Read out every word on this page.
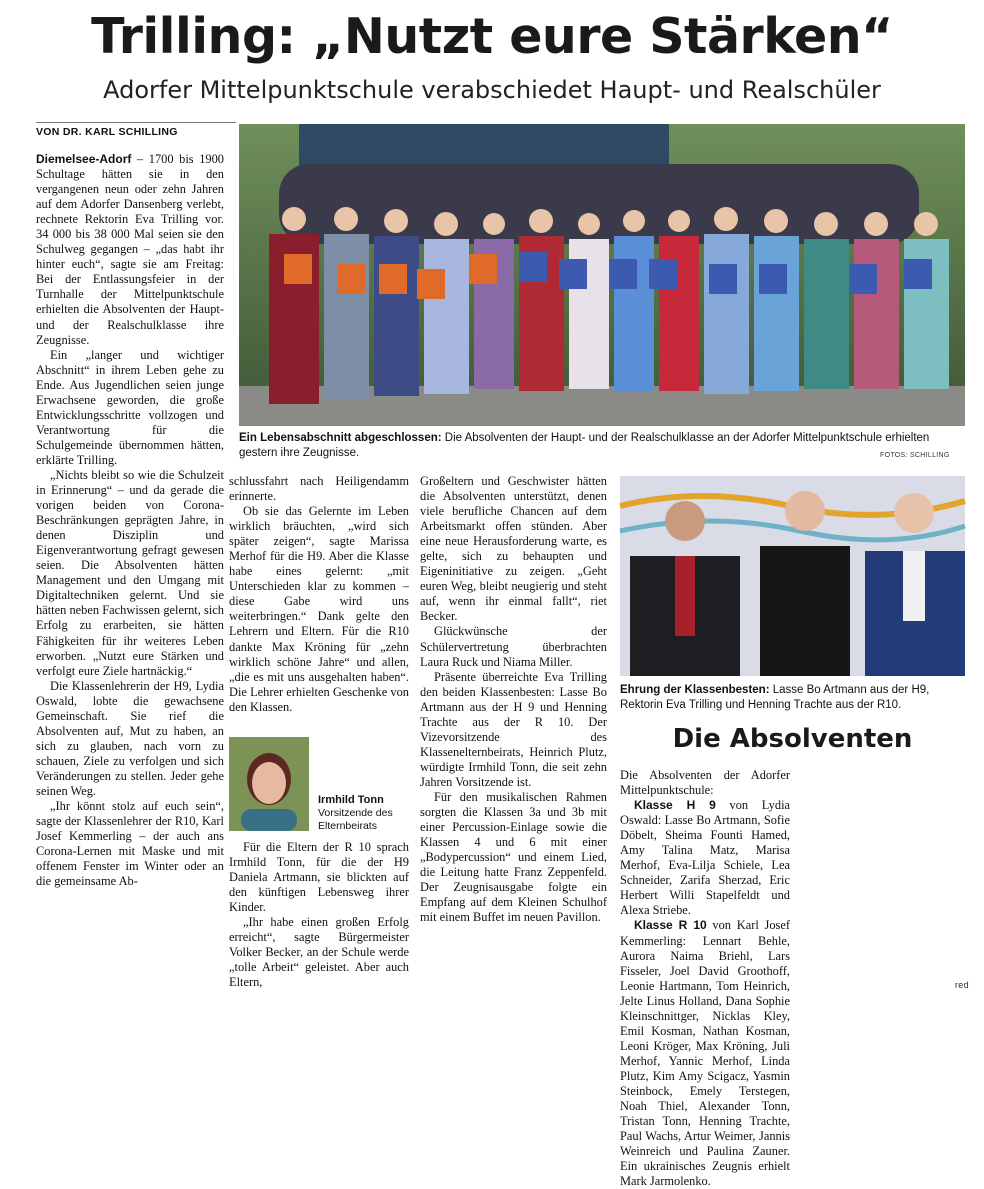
Trilling: „Nutzt eure Stärken“
Adorfer Mittelpunktschule verabschiedet Haupt- und Realschüler
VON DR. KARL SCHILLING

Diemelsee-Adorf – 1700 bis 1900 Schultage hätten sie in den vergangenen neun oder zehn Jahren auf dem Adorfer Dansenberg verlebt, rechnete Rektorin Eva Trilling vor. 34 000 bis 38 000 Mal seien sie den Schulweg gegangen – „das habt ihr hinter euch“, sagte sie am Freitag: Bei der Entlassungsfeier in der Turnhalle der Mittelpunktschule erhielten die Absolventen der Haupt- und der Realschulklasse ihre Zeugnisse.

Ein „langer und wichtiger Abschnitt“ in ihrem Leben gehe zu Ende. Aus Jugendlichen seien junge Erwachsene geworden, die große Entwicklungsschritte vollzogen und Verantwortung für die Schulgemeinde übernommen hätten, erklärte Trilling.

„Nichts bleibt so wie die Schulzeit in Erinnerung“ – und da gerade die vorigen beiden von Corona-Beschränkungen geprägten Jahre, in denen Disziplin und Eigenverantwortung gefragt gewesen seien. Die Absolventen hätten Management und den Umgang mit Digitaltechniken gelernt. Und sie hätten neben Fachwissen gelernt, sich Erfolg zu erarbeiten, sie hätten Fähigkeiten für ihr weiteres Leben erworben. „Nutzt eure Stärken und verfolgt eure Ziele hartnäckig.“

Die Klassenlehrerin der H9, Lydia Oswald, lobte die gewachsene Gemeinschaft. Sie rief die Absolventen auf, Mut zu haben, an sich zu glauben, nach vorn zu schauen, Ziele zu verfolgen und sich Veränderungen zu stellen. Jeder gehe seinen Weg.

„Ihr könnt stolz auf euch sein“, sagte der Klassenlehrer der R10, Karl Josef Kemmerling – der auch ans Corona-Lernen mit Maske und mit offenem Fenster im Winter oder an die gemeinsame Ab-

Ein Lebensabschnitt abgeschlossen: Die Absolventen der Haupt- und der Realschulklasse an der Adorfer Mittelpunktschule erhielten gestern ihre Zeugnisse.	FOTOS: SCHILLING

schlussfahrt nach Heiligendamm erinnerte.

Ob sie das Gelernte im Leben wirklich bräuchten, „wird sich später zeigen“, sagte Marissa Merhof für die H9. Aber die Klasse habe eines gelernt: „mit Unterschieden klar zu kommen – diese Gabe wird uns weiterbringen.“ Dank gelte den Lehrern und Eltern. Für die R10 dankte Max Kröning für „zehn wirklich schöne Jahre“ und allen, „die es mit uns ausgehalten haben“. Die Lehrer erhielten Geschenke von den Klassen.

Irmhild Tonn
Vorsitzende des Elternbeirats

Für die Eltern der R 10 sprach Irmhild Tonn, für die der H9 Daniela Artmann, sie blickten auf den künftigen Lebensweg ihrer Kinder.

„Ihr habe einen großen Erfolg erreicht“, sagte Bürgermeister Volker Becker, an der Schule werde „tolle Arbeit“ geleistet. Aber auch Eltern,

Großeltern und Geschwister hätten die Absolventen unterstützt, denen viele berufliche Chancen auf dem Arbeitsmarkt offen stünden. Aber eine neue Herausforderung warte, es gelte, sich zu behaupten und Eigeninitiative zu zeigen. „Geht euren Weg, bleibt neugierig und steht auf, wenn ihr einmal fallt“, riet Becker.

Glückwünsche der Schülervertretung überbrachten Laura Ruck und Niama Miller.

Präsente überreichte Eva Trilling den beiden Klassenbesten: Lasse Bo Artmann aus der H 9 und Henning Trachte aus der R 10. Der Vizevorsitzende des Klassenelternbeirats, Heinrich Plutz, würdigte Irmhild Tonn, die seit zehn Jahren Vorsitzende ist.

Für den musikalischen Rahmen sorgten die Klassen 3a und 3b mit einer Percussion-Einlage sowie die Klassen 4 und 6 mit einer „Bodypercussion“ und einem Lied, die Leitung hatte Franz Zeppenfeld. Der Zeugnisausgabe folgte ein Empfang auf dem Kleinen Schulhof mit einem Buffet im neuen Pavillon.

Ehrung der Klassenbesten: Lasse Bo Artmann aus der H9, Rektorin Eva Trilling und Henning Trachte aus der R10.
Die Absolventen

Die Absolventen der Adorfer Mittelpunktschule:

Klasse H 9 von Lydia Oswald: Lasse Bo Artmann, Sofie Döbelt, Sheima Founti Hamed, Amy Talina Matz, Marisa Merhof, Eva-Lilja Schiele, Lea Schneider, Zarifa Sherzad, Eric Herbert Willi Stapelfeldt und Alexa Striebe.

Klasse R 10 von Karl Josef Kemmerling: Lennart Behle, Aurora Naima Briehl, Lars Fisseler, Joel David Groothoff, Leonie Hartmann, Tom Heinrich, Jelte Linus Holland, Dana Sophie Kleinschnittger, Nicklas Kley, Emil Kosman, Nathan Kosman, Leoni Kröger, Max Kröning, Juli Merhof, Yannic Merhof, Linda Plutz, Kim Amy Scigacz, Yasmin Steinbock, Emely Terstegen, Noah Thiel, Alexander Tonn, Tristan Tonn, Henning Trachte, Paul Wachs, Artur Weimer, Jannis Weinreich und Paulina Zauner. Ein ukrainisches Zeugnis erhielt Mark Jarmolenko.

red
